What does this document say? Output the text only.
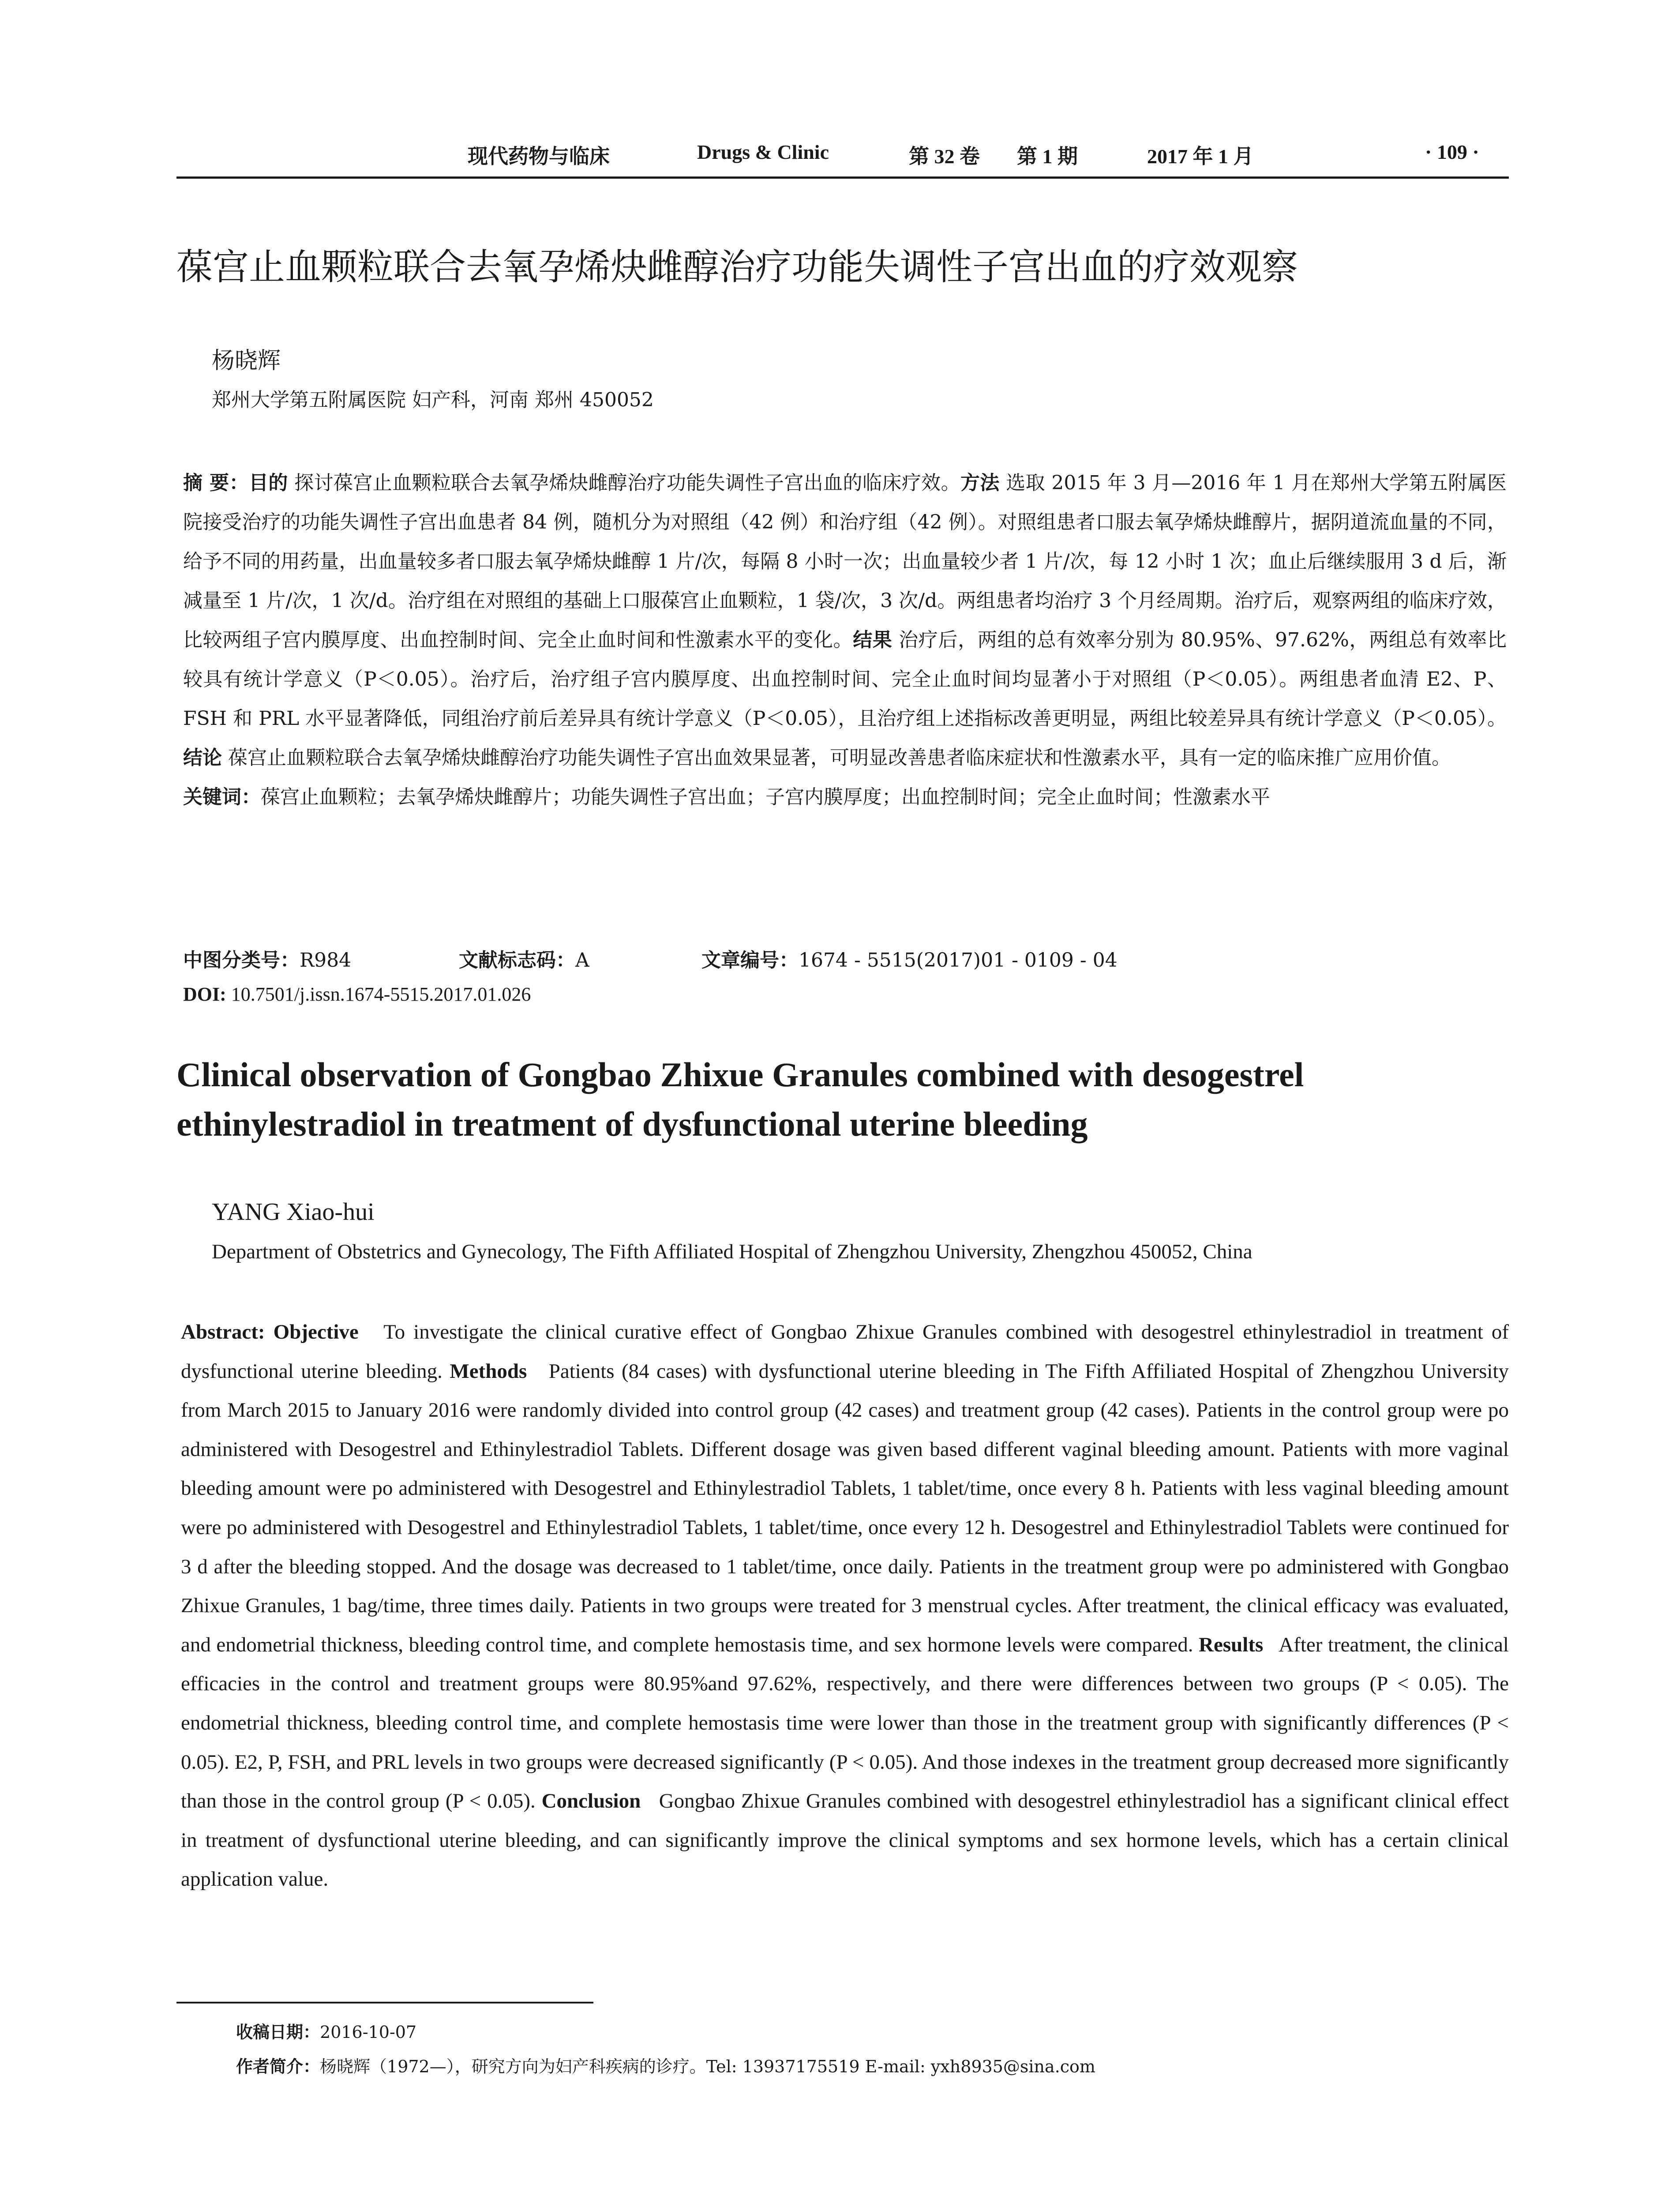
现代药物与临床	Drugs & Clinic	第 32 卷 第 1 期	2017 年 1 月	· 109 ·
葆宫止血颗粒联合去氧孕烯炔雌醇治疗功能失调性子宫出血的疗效观察
杨晓辉
郑州大学第五附属医院 妇产科，河南 郑州 450052

摘 要：目的 探讨葆宫止血颗粒联合去氧孕烯炔雌醇治疗功能失调性子宫出血的临床疗效。方法 选取 2015 年 3 月—2016 年 1 月在郑州大学第五附属医院接受治疗的功能失调性子宫出血患者 84 例，随机分为对照组（42 例）和治疗组（42 例）。对照组患者口服去氧孕烯炔雌醇片，据阴道流血量的不同，给予不同的用药量，出血量较多者口服去氧孕烯炔雌醇 1 片/次，每隔 8 小时一次；出血量较少者 1 片/次，每 12 小时 1 次；血止后继续服用 3 d 后，渐减量至 1 片/次，1 次/d。治疗组在对照组的基础上口服葆宫止血颗粒，1 袋/次，3 次/d。两组患者均治疗 3 个月经周期。治疗后，观察两组的临床疗效，比较两组子宫内膜厚度、出血控制时间、完全止血时间和性激素水平的变化。结果 治疗后，两组的总有效率分别为 80.95%、97.62%，两组总有效率比较具有统计学意义（P＜0.05）。治疗后，治疗组子宫内膜厚度、出血控制时间、完全止血时间均显著小于对照组（P＜0.05）。两组患者血清 E2、P、FSH 和 PRL 水平显著降低，同组治疗前后差异具有统计学意义（P＜0.05），且治疗组上述指标改善更明显，两组比较差异具有统计学意义（P＜0.05）。结论 葆宫止血颗粒联合去氧孕烯炔雌醇治疗功能失调性子宫出血效果显著，可明显改善患者临床症状和性激素水平，具有一定的临床推广应用价值。

关键词：葆宫止血颗粒；去氧孕烯炔雌醇片；功能失调性子宫出血；子宫内膜厚度；出血控制时间；完全止血时间；性激素水平

中图分类号：R984	文献标志码：A	文章编号：1674 - 5515(2017)01 - 0109 - 04
DOI: 10.7501/j.issn.1674-5515.2017.01.026
Clinical observation of Gongbao Zhixue Granules combined with desogestrel
ethinylestradiol in treatment of dysfunctional uterine bleeding
YANG Xiao-hui
Department of Obstetrics and Gynecology, The Fifth Affiliated Hospital of Zhengzhou University, Zhengzhou 450052, China
Abstract: Objective To investigate the clinical curative effect of Gongbao Zhixue Granules combined with desogestrel ethinylestradiol in treatment of dysfunctional uterine bleeding. Methods Patients (84 cases) with dysfunctional uterine bleeding in The Fifth Affiliated Hospital of Zhengzhou University from March 2015 to January 2016 were randomly divided into control group (42 cases) and treatment group (42 cases). Patients in the control group were po administered with Desogestrel and Ethinylestradiol Tablets. Different dosage was given based different vaginal bleeding amount. Patients with more vaginal bleeding amount were po administered with Desogestrel and Ethinylestradiol Tablets, 1 tablet/time, once every 8 h. Patients with less vaginal bleeding amount were po administered with Desogestrel and Ethinylestradiol Tablets, 1 tablet/time, once every 12 h. Desogestrel and Ethinylestradiol Tablets were continued for 3 d after the bleeding stopped. And the dosage was decreased to 1 tablet/time, once daily. Patients in the treatment group were po administered with Gongbao Zhixue Granules, 1 bag/time, three times daily. Patients in two groups were treated for 3 menstrual cycles. After treatment, the clinical efficacy was evaluated, and endometrial thickness, bleeding control time, and complete hemostasis time, and sex hormone levels were compared. Results After treatment, the clinical efficacies in the control and treatment groups were 80.95%and 97.62%, respectively, and there were differences between two groups (P < 0.05). The endometrial thickness, bleeding control time, and complete hemostasis time were lower than those in the treatment group with significantly differences (P < 0.05). E2, P, FSH, and PRL levels in two groups were decreased significantly (P < 0.05). And those indexes in the treatment group decreased more significantly than those in the control group (P < 0.05). Conclusion Gongbao Zhixue Granules combined with desogestrel ethinylestradiol has a significant clinical effect in treatment of dysfunctional uterine bleeding, and can significantly improve the clinical symptoms and sex hormone levels, which has a certain clinical application value.
收稿日期：2016-10-07
作者简介：杨晓辉（1972—），研究方向为妇产科疾病的诊疗。Tel: 13937175519 E-mail: yxh8935@sina.com
